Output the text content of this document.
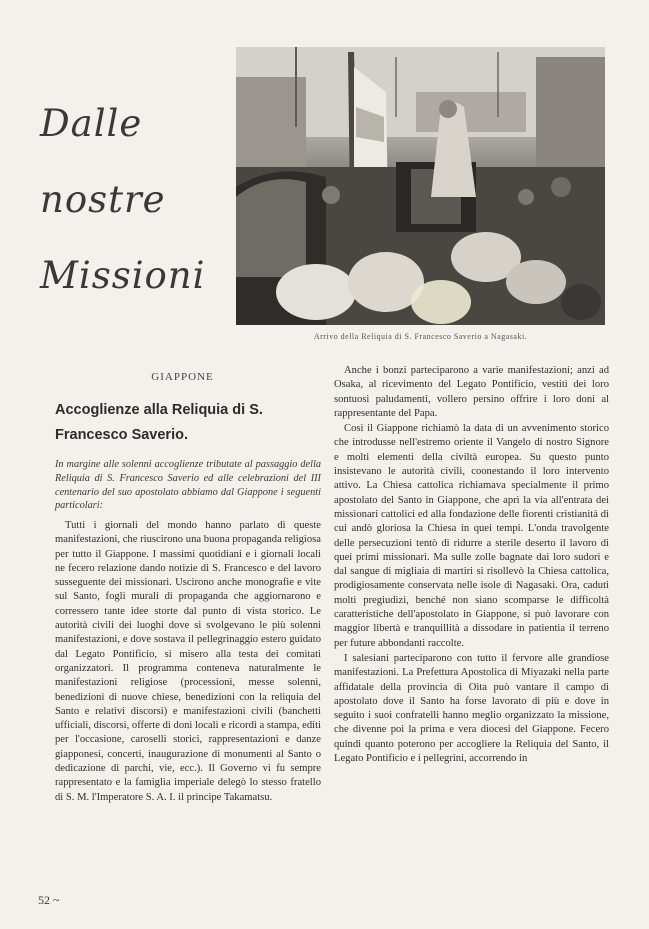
Dalle
nostre
Missioni
Arrivo della Reliquia di S. Francesco Saverio a Nagasaki.
GIAPPONE
Accoglienze alla Reliquia di S. Francesco Saverio.
In margine alle solenni accoglienze tributate al passaggio della Reliquia di S. Francesco Saverio ed alle celebrazioni del III centenario del suo apostolato abbiamo dal Giappone i seguenti particolari:

Tutti i giornali del mondo hanno parlato di queste manifestazioni, che riuscirono una buona propaganda religiosa per tutto il Giappone. I massimi quotidiani e i giornali locali ne fecero relazione dando notizie di S. Francesco e del lavoro susseguente dei missionari. Uscirono anche monografie e vite sul Santo, fogli murali di propaganda che aggiornarono e corressero tante idee storte dal punto di vista storico. Le autorità civili dei luoghi dove si svolgevano le più solenni manifestazioni, e dove sostava il pellegrinaggio estero guidato dal Legato Pontificio, si misero alla testa dei comitati organizzatori. Il programma conteneva naturalmente le manifestazioni religiose (processioni, messe solenni, benedizioni di nuove chiese, benedizioni con la reliquia del Santo e relativi discorsi) e manifestazioni civili (banchetti ufficiali, discorsi, offerte di doni locali e ricordi a stampa, editi per l'occasione, caroselli storici, rappresentazioni e danze giapponesi, concerti, inaugurazione di monumenti al Santo o dedicazione di parchi, vie, ecc.). Il Governo vi fu sempre rappresentato e la famiglia imperiale delegò lo stesso fratello di S. M. l'Imperatore S. A. I. il principe Takamatsu.

Anche i bonzi parteciparono a varie manifestazioni; anzi ad Osaka, al ricevimento del Legato Pontificio, vestiti dei loro sontuosi paludamenti, vollero persino offrire i loro doni al rappresentante del Papa.

Così il Giappone richiamò la data di un avvenimento storico che introdusse nell'estremo oriente il Vangelo di nostro Signore e molti elementi della civiltà europea. Su questo punto insistevano le autorità civili, coonestando il loro intervento attivo. La Chiesa cattolica richiamava specialmente il primo apostolato del Santo in Giappone, che aprì la via all'entrata dei missionari cattolici ed alla fondazione delle fiorenti cristianità di cui andò gloriosa la Chiesa in quei tempi. L'onda travolgente delle persecuzioni tentò di ridurre a sterile deserto il lavoro di quei primi missionari. Ma sulle zolle bagnate dai loro sudori e dal sangue di migliaia di martiri si risollevò la Chiesa cattolica, prodigiosamente conservata nelle isole di Nagasaki. Ora, caduti molti pregiudizi, benché non siano scomparse le difficoltà caratteristiche dell'apostolato in Giappone, si può lavorare con maggior libertà e tranquillità a dissodare in patientia il terreno per future abbondanti raccolte.

I salesiani parteciparono con tutto il fervore alle grandiose manifestazioni. La Prefettura Apostolica di Miyazaki nella parte affidatale della provincia di Oita può vantare il campo di apostolato dove il Santo ha forse lavorato di più e dove in seguito i suoi confratelli hanno meglio organizzato la missione, che divenne poi la prima e vera diocesi del Giappone. Fecero quindi quanto poterono per accogliere la Reliquia del Santo, il Legato Pontificio e i pellegrini, accorrendo in

52 ~
